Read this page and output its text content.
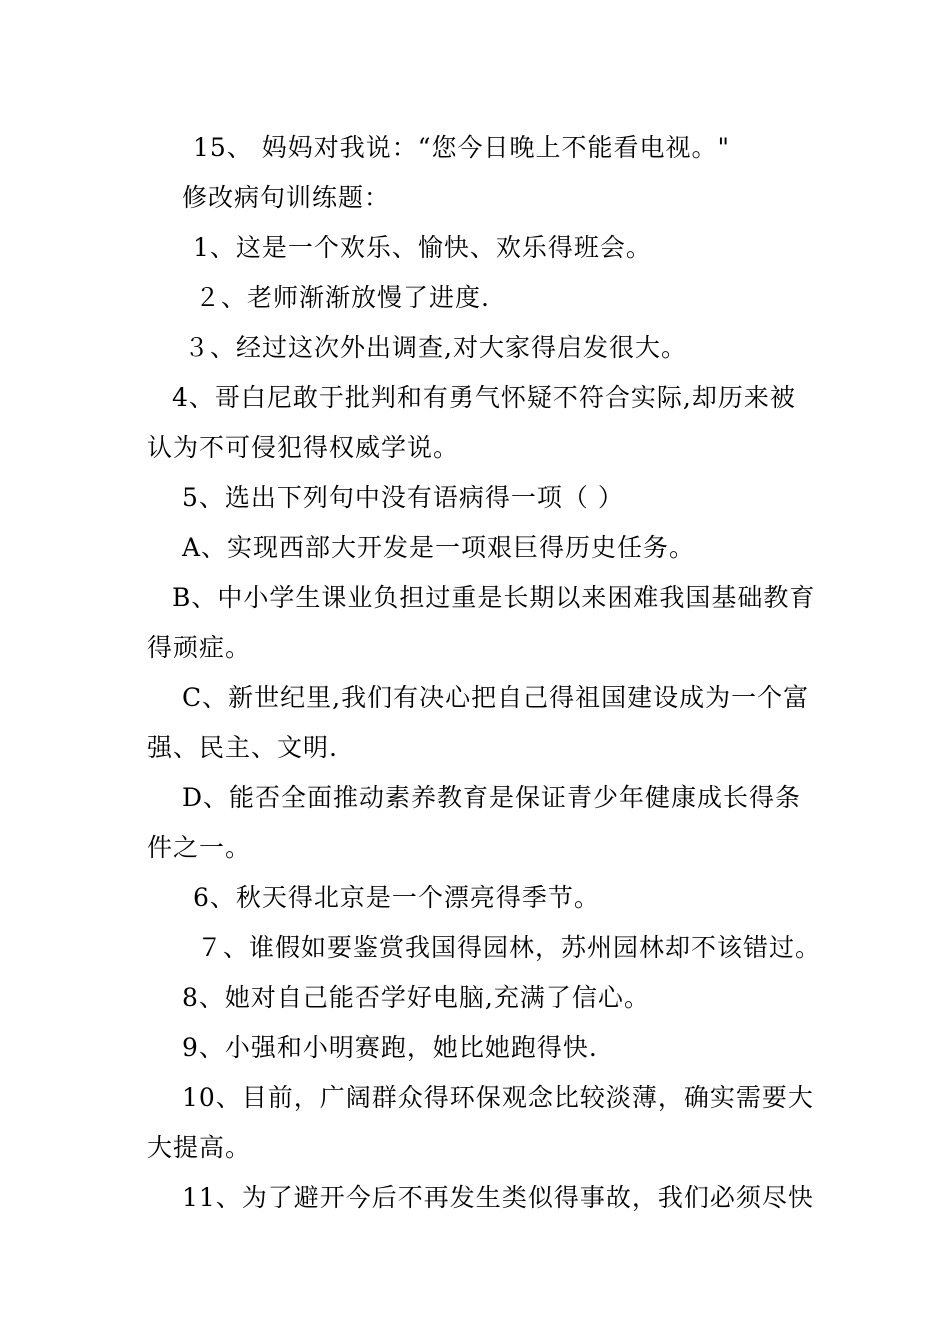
15、 妈妈对我说：“您今日晚上不能看电视。"
修改病句训练题：
1、这是一个欢乐、愉快、欢乐得班会。
２、老师渐渐放慢了进度.
３、经过这次外出调查,对大家得启发很大。
4、哥白尼敢于批判和有勇气怀疑不符合实际,却历来被
认为不可侵犯得权威学说。
5、选出下列句中没有语病得一项（ ）
A、实现西部大开发是一项艰巨得历史任务。
B、中小学生课业负担过重是长期以来困难我国基础教育
得顽症。
C、新世纪里,我们有决心把自己得祖国建设成为一个富
强、民主、文明.
D、能否全面推动素养教育是保证青少年健康成长得条
件之一。
6、秋天得北京是一个漂亮得季节。
７、谁假如要鉴赏我国得园林，苏州园林却不该错过。
8、她对自己能否学好电脑,充满了信心。
9、小强和小明赛跑，她比她跑得快.
10、目前，广阔群众得环保观念比较淡薄，确实需要大
大提高。
11、为了避开今后不再发生类似得事故，我们必须尽快
